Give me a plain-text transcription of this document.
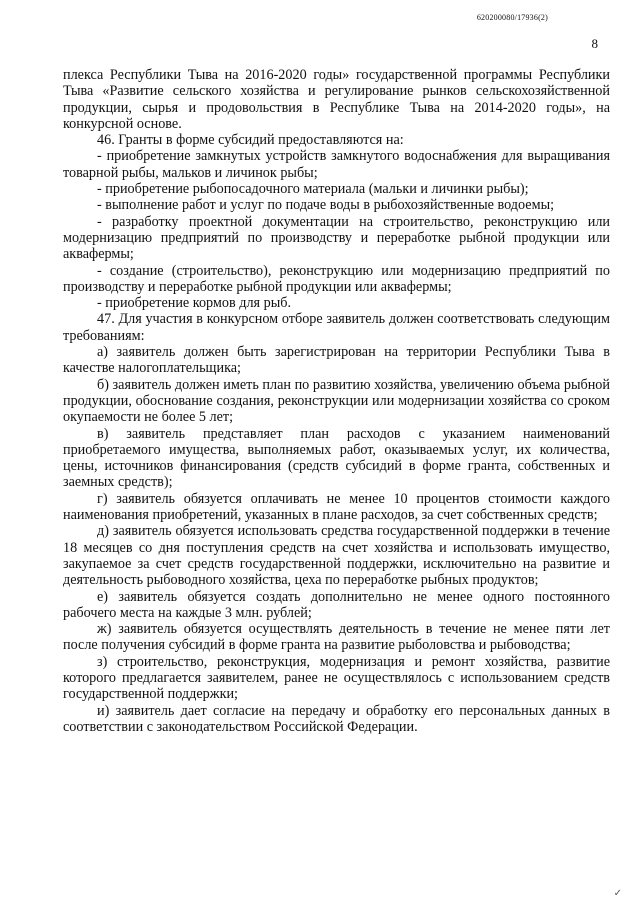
620200080/17936(2)
8

плекса Республики Тыва на 2016-2020 годы» государственной программы Республики Тыва «Развитие сельского хозяйства и регулирование рынков сельскохозяйственной продукции, сырья и продовольствия в Республике Тыва на 2014-2020 годы», на конкурсной основе.

46. Гранты в форме субсидий предоставляются на:

- приобретение замкнутых устройств замкнутого водоснабжения для выращивания товарной рыбы, мальков и личинок рыбы;

- приобретение рыбопосадочного материала (мальки и личинки рыбы);

- выполнение работ и услуг по подаче воды в рыбохозяйственные водоемы;

- разработку проектной документации на строительство, реконструкцию или модернизацию предприятий по производству и переработке рыбной продукции или аквафермы;

- создание (строительство), реконструкцию или модернизацию предприятий по производству и переработке рыбной продукции или аквафермы;

- приобретение кормов для рыб.

47. Для участия в конкурсном отборе заявитель должен соответствовать следующим требованиям:

а) заявитель должен быть зарегистрирован на территории Республики Тыва в качестве налогоплательщика;

б) заявитель должен иметь план по развитию хозяйства, увеличению объема рыбной продукции, обоснование создания, реконструкции или модернизации хозяйства со сроком окупаемости не более 5 лет;

в) заявитель представляет план расходов с указанием наименований приобретаемого имущества, выполняемых работ, оказываемых услуг, их количества, цены, источников финансирования (средств субсидий в форме гранта, собственных и заемных средств);

г) заявитель обязуется оплачивать не менее 10 процентов стоимости каждого наименования приобретений, указанных в плане расходов, за счет собственных средств;

д) заявитель обязуется использовать средства государственной поддержки в течение 18 месяцев со дня поступления средств на счет хозяйства и использовать имущество, закупаемое за счет средств государственной поддержки, исключительно на развитие и деятельность рыбоводного хозяйства, цеха по переработке рыбных продуктов;

е) заявитель обязуется создать дополнительно не менее одного постоянного рабочего места на каждые 3 млн. рублей;

ж) заявитель обязуется осуществлять деятельность в течение не менее пяти лет после получения субсидий в форме гранта на развитие рыболовства и рыбоводства;

з) строительство, реконструкция, модернизация и ремонт хозяйства, развитие которого предлагается заявителем, ранее не осуществлялось с использованием средств государственной поддержки;

и) заявитель дает согласие на передачу и обработку его персональных данных в соответствии с законодательством Российской Федерации.

✓
